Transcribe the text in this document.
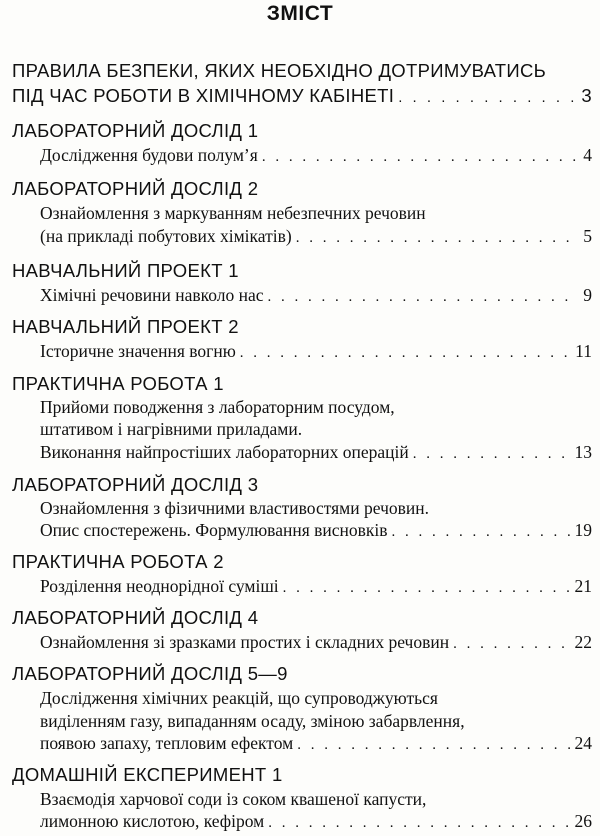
ЗМІСТ
ПРАВИЛА БЕЗПЕКИ, ЯКИХ НЕОБХІДНО ДОТРИМУВАТИСЬ
ПІД ЧАС РОБОТИ В ХІМІЧНОМУ КАБІНЕТІ . . .	3
ЛАБОРАТОРНИЙ ДОСЛІД 1
Дослідження будови полум’я . . .	4
ЛАБОРАТОРНИЙ ДОСЛІД 2
Ознайомлення з маркуванням небезпечних речовин
(на прикладі побутових хімікатів) . . .	5
НАВЧАЛЬНИЙ ПРОЕКТ 1
Хімічні речовини навколо нас . . .	9
НАВЧАЛЬНИЙ ПРОЕКТ 2
Історичне значення вогню . . .	11
ПРАКТИЧНА РОБОТА 1
Прийоми поводження з лабораторним посудом,
штативом і нагрівними приладами.
Виконання найпростіших лабораторних операцій . . .	13
ЛАБОРАТОРНИЙ ДОСЛІД 3
Ознайомлення з фізичними властивостями речовин.
Опис спостережень. Формулювання висновків . . .	19
ПРАКТИЧНА РОБОТА 2
Розділення неоднорідної суміші . . .	21
ЛАБОРАТОРНИЙ ДОСЛІД 4
Ознайомлення зі зразками простих і складних речовин . . .	22
ЛАБОРАТОРНИЙ ДОСЛІД 5—9
Дослідження хімічних реакцій, що супроводжуються
виділенням газу, випаданням осаду, зміною забарвлення,
появою запаху, тепловим ефектом . . .	24
ДОМАШНІЙ ЕКСПЕРИМЕНТ 1
Взаємодія харчової соди із соком квашеної капусти,
лимонною кислотою, кефіром . . .	26
